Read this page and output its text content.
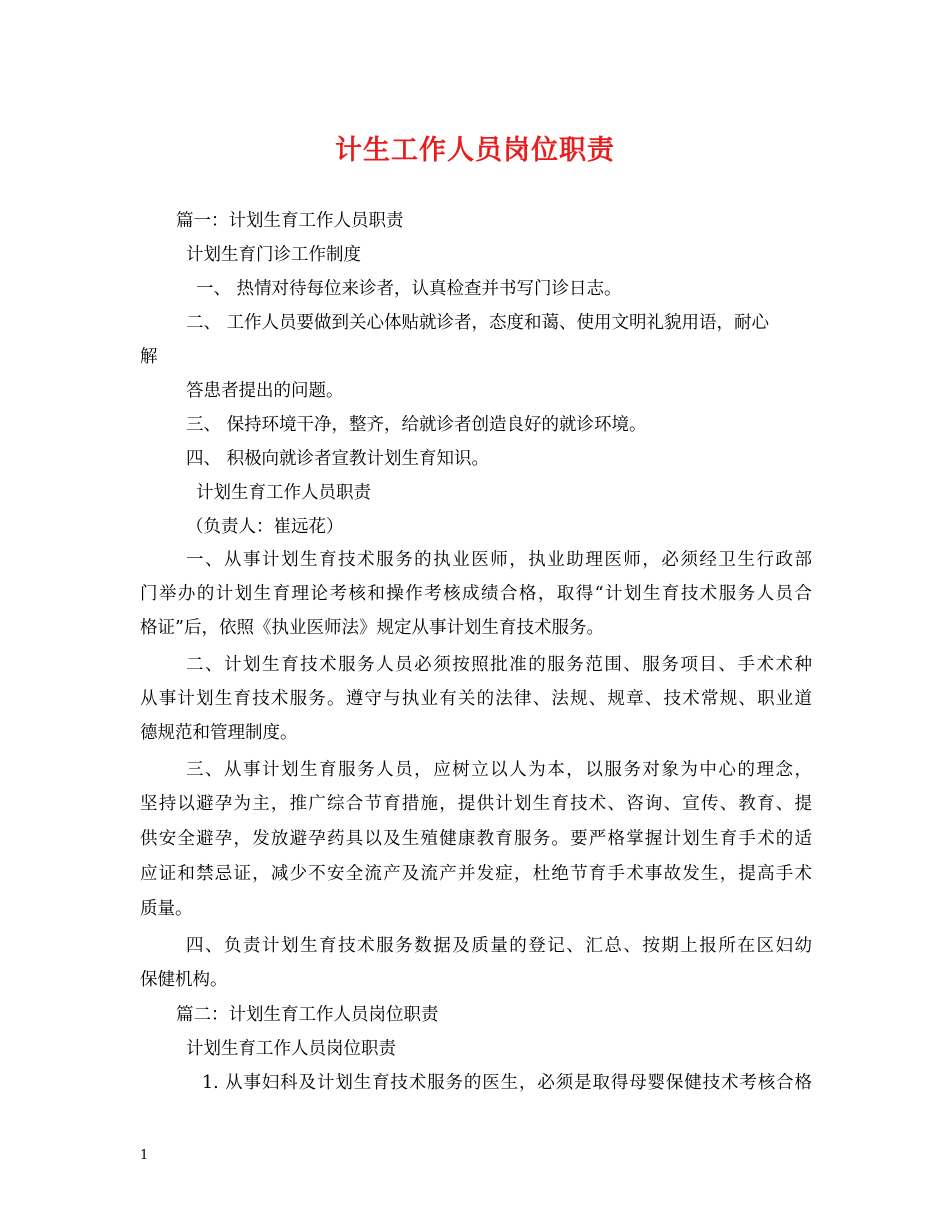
计生工作人员岗位职责
篇一：计划生育工作人员职责
计划生育门诊工作制度
一、 热情对待每位来诊者，认真检查并书写门诊日志。
二、 工作人员要做到关心体贴就诊者，态度和蔼、使用文明礼貌用语，耐心
解
答患者提出的问题。
三、 保持环境干净，整齐，给就诊者创造良好的就诊环境。
四、 积极向就诊者宣教计划生育知识。
计划生育工作人员职责
（负责人：崔远花）
一、从事计划生育技术服务的执业医师，执业助理医师，必须经卫生行政部
门举办的计划生育理论考核和操作考核成绩合格，取得“计划生育技术服务人员合
格证”后，依照《执业医师法》规定从事计划生育技术服务。
二、计划生育技术服务人员必须按照批准的服务范围、服务项目、手术术种
从事计划生育技术服务。遵守与执业有关的法律、法规、规章、技术常规、职业道
德规范和管理制度。
三、从事计划生育服务人员，应树立以人为本，以服务对象为中心的理念，
坚持以避孕为主，推广综合节育措施，提供计划生育技术、咨询、宣传、教育、提
供安全避孕，发放避孕药具以及生殖健康教育服务。要严格掌握计划生育手术的适
应证和禁忌证，减少不安全流产及流产并发症，杜绝节育手术事故发生，提高手术
质量。
四、负责计划生育技术服务数据及质量的登记、汇总、按期上报所在区妇幼
保健机构。
篇二：计划生育工作人员岗位职责
计划生育工作人员岗位职责
1. 从事妇科及计划生育技术服务的医生，必须是取得母婴保健技术考核合格
1
